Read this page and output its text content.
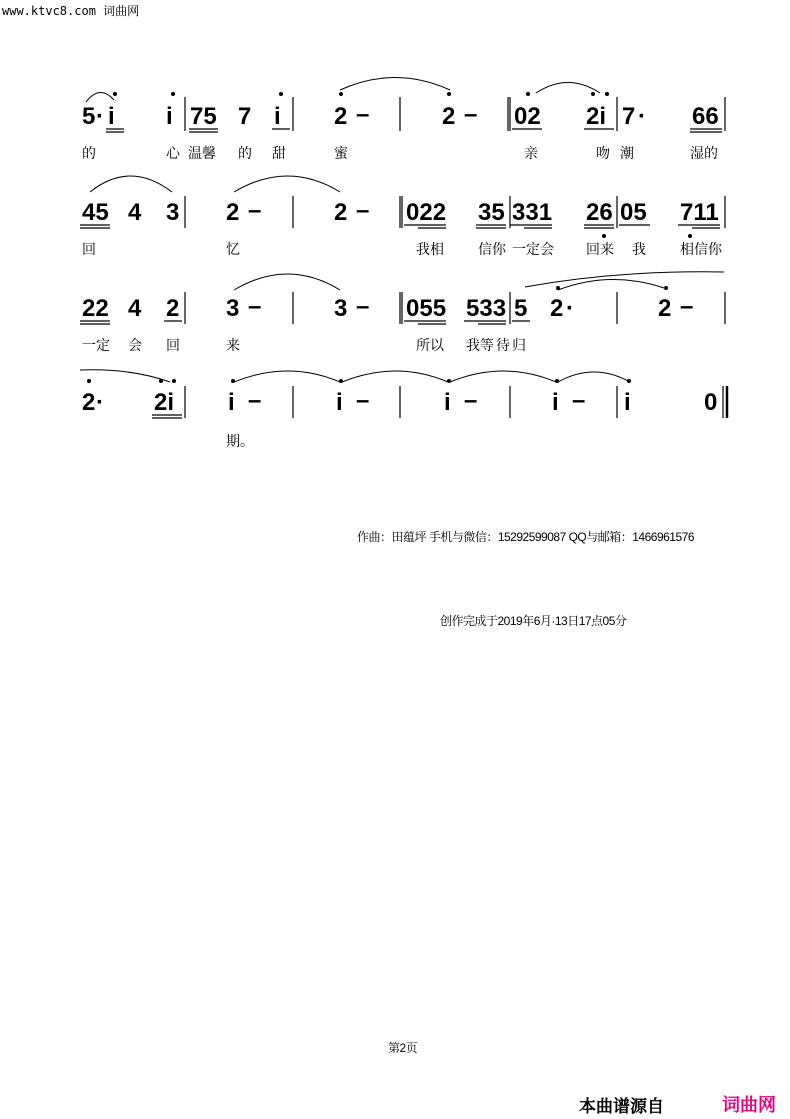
www.ktvc8.com 词曲网
5 · i i 75 7 i 2 –	2 – 02 2i 7 · 66
的	心 温馨 的 甜	蜜	亲	吻 潮	湿的
45 4 3 2 –	2 – 022 35 331 26 05 711
回	忆	我相 信你 一定会 回来 我 相信你
22 4 2 3 –	3 – 055 533 5 2 ·	2 –
一定 会 回	来	所以 我等 待 归
2 · 2i i –	i –	i –	i – i	0
期。
作曲：田蕴坪 手机与微信：15292599087 QQ与邮箱：1466961576
创作完成于2019年6月·13日17点05分
第2页
本曲谱源自	词曲网
